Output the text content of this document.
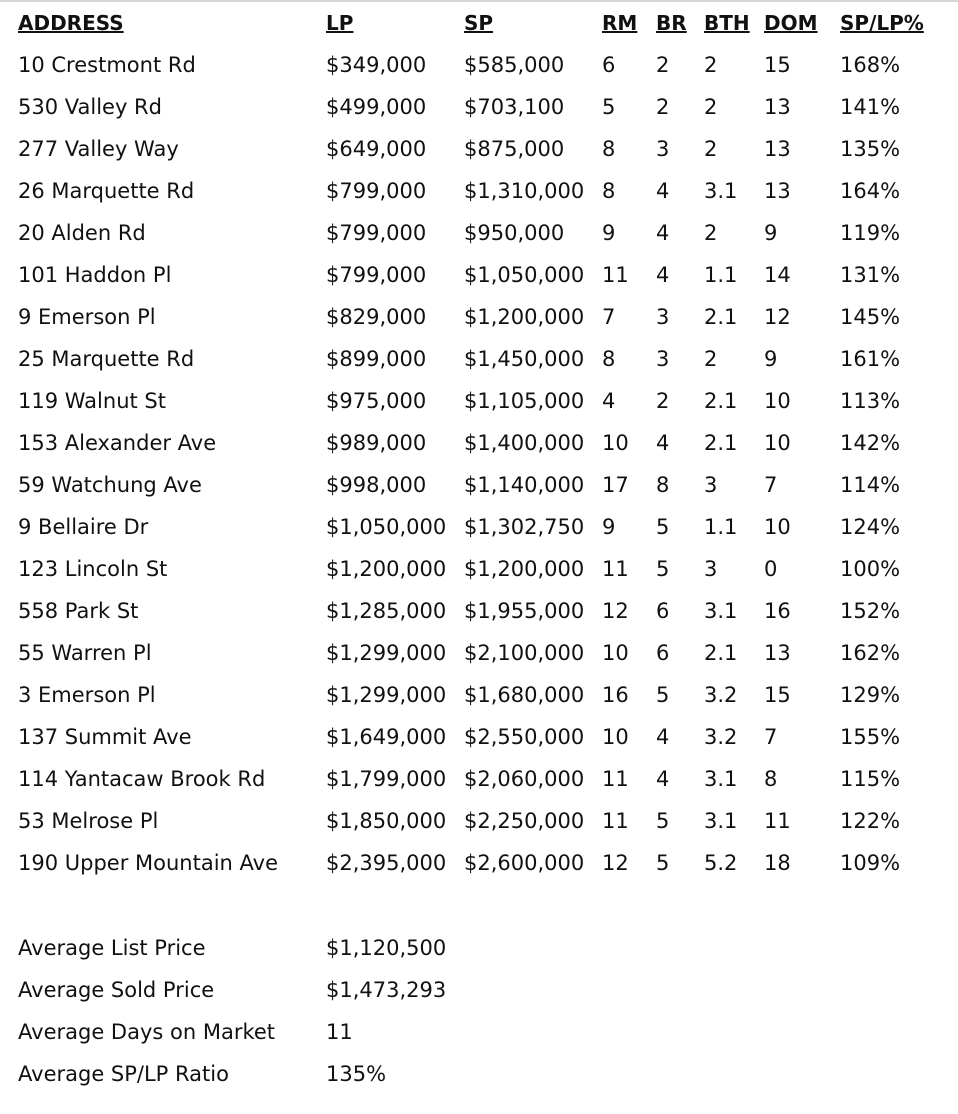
ADDRESS	LP	SP	RM	BR	BTH	DOM	SP/LP%
10 Crestmont Rd	$349,000	$585,000	6	2	2	15	168%
530 Valley Rd	$499,000	$703,100	5	2	2	13	141%
277 Valley Way	$649,000	$875,000	8	3	2	13	135%
26 Marquette Rd	$799,000	$1,310,000	8	4	3.1	13	164%
20 Alden Rd	$799,000	$950,000	9	4	2	9	119%
101 Haddon Pl	$799,000	$1,050,000	11	4	1.1	14	131%
9 Emerson Pl	$829,000	$1,200,000	7	3	2.1	12	145%
25 Marquette Rd	$899,000	$1,450,000	8	3	2	9	161%
119 Walnut St	$975,000	$1,105,000	4	2	2.1	10	113%
153 Alexander Ave	$989,000	$1,400,000	10	4	2.1	10	142%
59 Watchung Ave	$998,000	$1,140,000	17	8	3	7	114%
9 Bellaire Dr	$1,050,000	$1,302,750	9	5	1.1	10	124%
123 Lincoln St	$1,200,000	$1,200,000	11	5	3	0	100%
558 Park St	$1,285,000	$1,955,000	12	6	3.1	16	152%
55 Warren Pl	$1,299,000	$2,100,000	10	6	2.1	13	162%
3 Emerson Pl	$1,299,000	$1,680,000	16	5	3.2	15	129%
137 Summit Ave	$1,649,000	$2,550,000	10	4	3.2	7	155%
114 Yantacaw Brook Rd	$1,799,000	$2,060,000	11	4	3.1	8	115%
53 Melrose Pl	$1,850,000	$2,250,000	11	5	3.1	11	122%
190 Upper Mountain Ave	$2,395,000	$2,600,000	12	5	5.2	18	109%
Average List Price	$1,120,500
Average Sold Price	$1,473,293
Average Days on Market	11
Average SP/LP Ratio	135%
